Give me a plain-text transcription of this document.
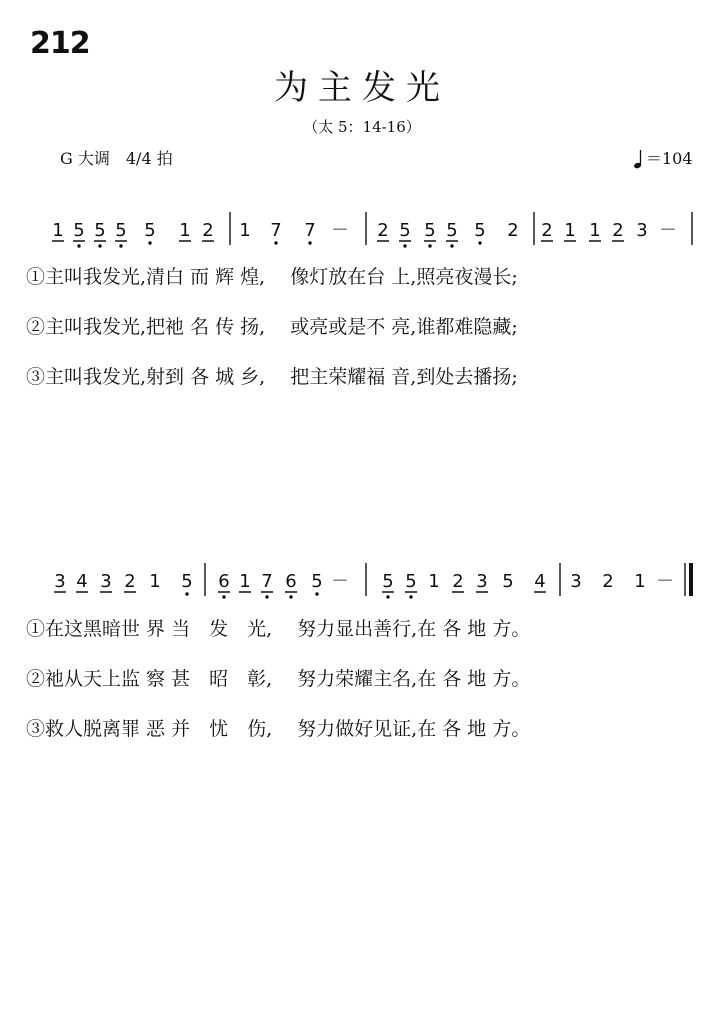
212
为主发光
（太 5：14-16）
G 大调　4/4 拍	＝104
1 5 5 5 5 1 2 1 7 7 － 2 5 5 5 5 2 2 1 1 2 3 －
3 4 3 2 1 5 6 1 7 6 5 － 5 5 1 2 3 5 4 3 2 1 －
①主叫我发光,清白 而 辉 煌,　 像灯放在台 上,照亮夜漫长;
②主叫我发光,把祂 名 传 扬,　 或亮或是不 亮,谁都难隐藏;
③主叫我发光,射到 各 城 乡,　 把主荣耀福 音,到处去播扬;
①在这黑暗世 界 当　发　光,　 努力显出善行,在 各 地 方。
②祂从天上监 察 甚　昭　彰,　 努力荣耀主名,在 各 地 方。
③救人脱离罪 恶 并　忧　伤,　 努力做好见证,在 各 地 方。
